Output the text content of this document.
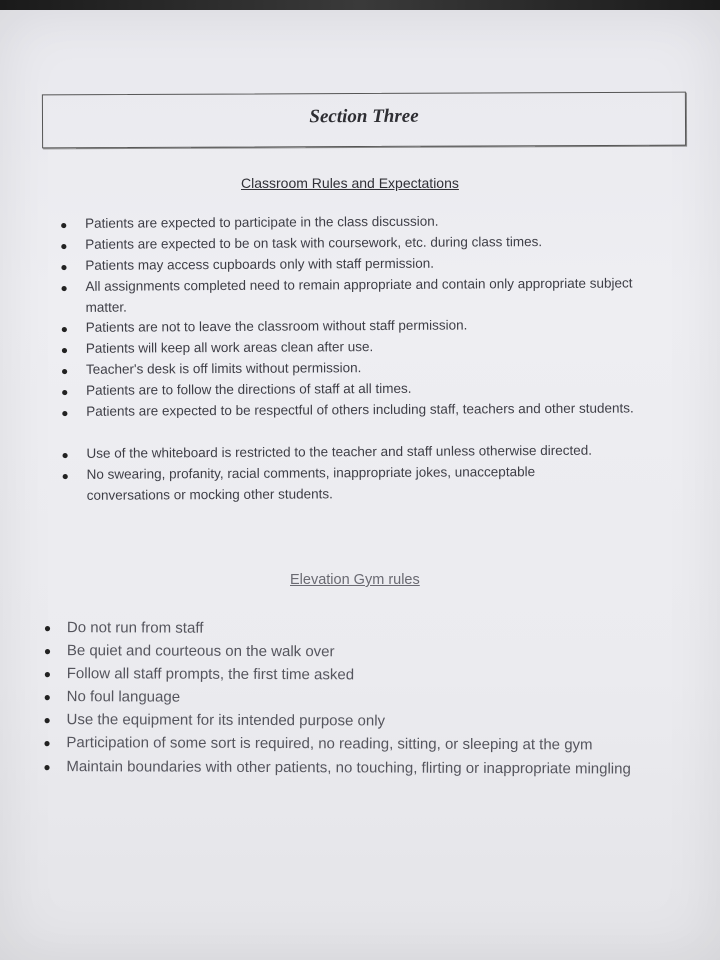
Section Three
Classroom Rules and Expectations
● Patients are expected to participate in the class discussion.
● Patients are expected to be on task with coursework, etc. during class times.
● Patients may access cupboards only with staff permission.
● All assignments completed need to remain appropriate and contain only appropriate subject matter.
● Patients are not to leave the classroom without staff permission.
● Patients will keep all work areas clean after use.
● Teacher's desk is off limits without permission.
● Patients are to follow the directions of staff at all times.
● Patients are expected to be respectful of others including staff, teachers and other students.
● Use of the whiteboard is restricted to the teacher and staff unless otherwise directed.
● No swearing, profanity, racial comments, inappropriate jokes, unacceptable conversations or mocking other students.
Elevation Gym rules
● Do not run from staff
● Be quiet and courteous on the walk over
● Follow all staff prompts, the first time asked
● No foul language
● Use the equipment for its intended purpose only
● Participation of some sort is required, no reading, sitting, or sleeping at the gym
● Maintain boundaries with other patients, no touching, flirting or inappropriate mingling
